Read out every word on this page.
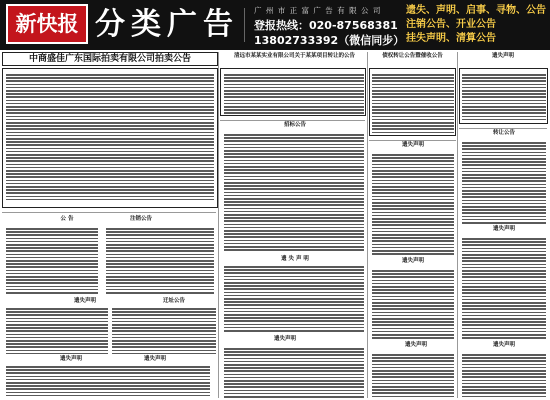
新快报 分类广告 广 州 市 正 富 广 告 有 限 公 司
登报热线：020-87568381
13802733392（微信同步）
遗失、声明、启事、寻物、公告
注销公告、开业公告
挂失声明、清算公告
中商盛佳广东国际拍卖有限公司拍卖公告	清远市某某实业有限公司关于某某项目转让的公告	债权转让公告暨催收公告	遗失声明
公 告	注销公告
招标公告
遗失声明
转让公告
遗失声明	迁址公告
遗 失 声 明	遗失声明
遗失声明
遗失声明	遗失声明
遗失声明
遗失声明	遗失声明
